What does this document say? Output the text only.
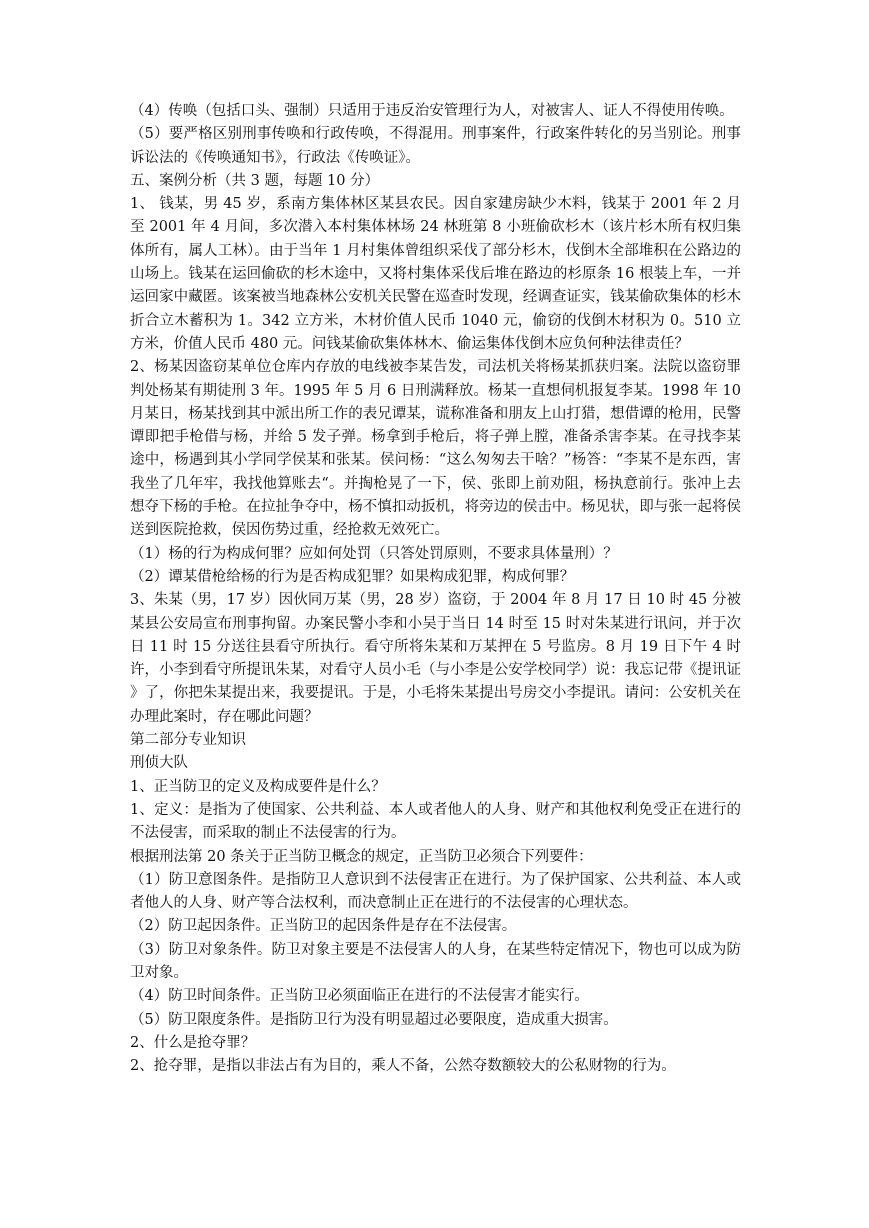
（4）传唤（包括口头、强制）只适用于违反治安管理行为人，对被害人、证人不得使用传唤。

（5）要严格区别刑事传唤和行政传唤，不得混用。刑事案件，行政案件转化的另当别论。刑事诉讼法的《传唤通知书》，行政法《传唤证》。

五、案例分析（共 3 题，每题 10 分）

1、 钱某，男 45 岁，系南方集体林区某县农民。因自家建房缺少木料，钱某于 2001 年 2 月至 2001 年 4 月间，多次潜入本村集体林场 24 林班第 8 小班偷砍杉木（该片杉木所有权归集体所有，属人工林）。由于当年 1 月村集体曾组织采伐了部分杉木，伐倒木全部堆积在公路边的山场上。钱某在运回偷砍的杉木途中，又将村集体采伐后堆在路边的杉原条 16 根装上车，一并运回家中藏匿。该案被当地森林公安机关民警在巡查时发现，经调查证实，钱某偷砍集体的杉木折合立木蓄积为 1。342 立方米，木材价值人民币 1040 元，偷窃的伐倒木材积为 0。510 立方米，价值人民币 480 元。问钱某偷砍集体林木、偷运集体伐倒木应负何种法律责任？

2、杨某因盗窃某单位仓库内存放的电线被李某告发，司法机关将杨某抓获归案。法院以盗窃罪判处杨某有期徒刑 3 年。1995 年 5 月 6 日刑满释放。杨某一直想伺机报复李某。1998 年 10 月某日，杨某找到其中派出所工作的表兄谭某，谎称准备和朋友上山打猎，想借谭的枪用，民警谭即把手枪借与杨，并给 5 发子弹。杨拿到手枪后，将子弹上膛，准备杀害李某。在寻找李某途中，杨遇到其小学同学侯某和张某。侯问杨：“这么匆匆去干啥？”杨答：“李某不是东西，害我坐了几年牢，我找他算账去“。并掏枪晃了一下，侯、张即上前劝阻，杨执意前行。张冲上去想夺下杨的手枪。在拉扯争夺中，杨不慎扣动扳机，将旁边的侯击中。杨见状，即与张一起将侯送到医院抢救，侯因伤势过重，经抢救无效死亡。

（1）杨的行为构成何罪？应如何处罚（只答处罚原则，不要求具体量刑）？

（2）谭某借枪给杨的行为是否构成犯罪？如果构成犯罪，构成何罪？

3、朱某（男，17 岁）因伙同万某（男，28 岁）盗窃，于 2004 年 8 月 17 日 10 时 45 分被某县公安局宣布刑事拘留。办案民警小李和小吴于当日 14 时至 15 时对朱某进行讯问，并于次日 11 时 15 分送往县看守所执行。看守所将朱某和万某押在 5 号监房。8 月 19 日下午 4 时许，小李到看守所提讯朱某，对看守人员小毛（与小李是公安学校同学）说：我忘记带《提讯证》了，你把朱某提出来，我要提讯。于是，小毛将朱某提出号房交小李提讯。请问：公安机关在办理此案时，存在哪此问题？

第二部分专业知识

刑侦大队

1、正当防卫的定义及构成要件是什么？

1、定义：是指为了使国家、公共利益、本人或者他人的人身、财产和其他权利免受正在进行的不法侵害，而采取的制止不法侵害的行为。

根据刑法第 20 条关于正当防卫概念的规定，正当防卫必须合下列要件：

（1）防卫意图条件。是指防卫人意识到不法侵害正在进行。为了保护国家、公共利益、本人或者他人的人身、财产等合法权利，而决意制止正在进行的不法侵害的心理状态。

（2）防卫起因条件。正当防卫的起因条件是存在不法侵害。

（3）防卫对象条件。防卫对象主要是不法侵害人的人身，在某些特定情况下，物也可以成为防卫对象。

（4）防卫时间条件。正当防卫必须面临正在进行的不法侵害才能实行。

（5）防卫限度条件。是指防卫行为没有明显超过必要限度，造成重大损害。

2、什么是抢夺罪？

2、抢夺罪，是指以非法占有为目的，乘人不备，公然夺数额较大的公私财物的行为。
